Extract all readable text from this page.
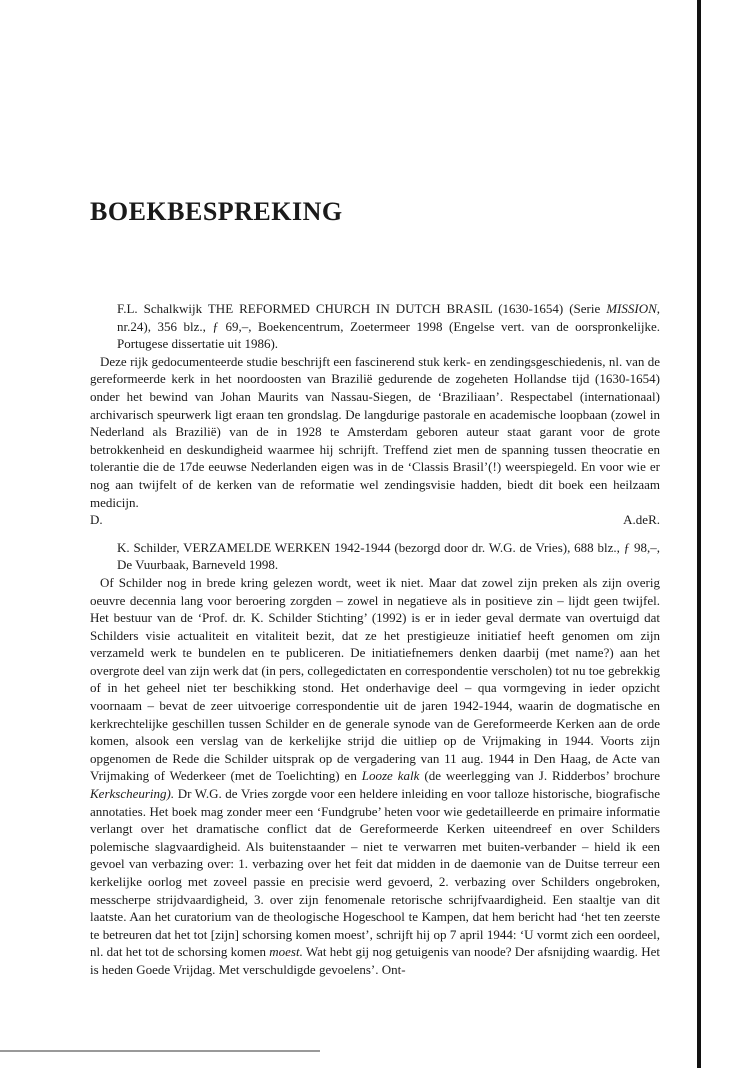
BOEKBESPREKING

F.L. Schalkwijk THE REFORMED CHURCH IN DUTCH BRASIL (1630-1654) (Serie MISSION, nr.24), 356 blz., ƒ 69,–, Boekencentrum, Zoetermeer 1998 (Engelse vert. van de oorspronkelijke. Portugese dissertatie uit 1986).

Deze rijk gedocumenteerde studie beschrijft een fascinerend stuk kerk- en zendingsgeschiedenis, nl. van de gereformeerde kerk in het noordoosten van Brazilië gedurende de zogeheten Hollandse tijd (1630-1654) onder het bewind van Johan Maurits van Nassau-Siegen, de ‘Braziliaan’. Respectabel (internationaal) archivarisch speurwerk ligt eraan ten grondslag. De langdurige pastorale en academische loopbaan (zowel in Nederland als Brazilië) van de in 1928 te Amsterdam geboren auteur staat garant voor de grote betrokkenheid en deskundigheid waarmee hij schrijft. Treffend ziet men de spanning tussen theocratie en tolerantie die de 17de eeuwse Nederlanden eigen was in de ‘Classis Brasil’(!) weerspiegeld. En voor wie er nog aan twijfelt of de kerken van de reformatie wel zendingsvisie hadden, biedt dit boek een heilzaam medicijn.

D.	A.deR.

K. Schilder, VERZAMELDE WERKEN 1942-1944 (bezorgd door dr. W.G. de Vries), 688 blz., ƒ 98,–, De Vuurbaak, Barneveld 1998.

Of Schilder nog in brede kring gelezen wordt, weet ik niet. Maar dat zowel zijn preken als zijn overig oeuvre decennia lang voor beroering zorgden – zowel in negatieve als in positieve zin – lijdt geen twijfel. Het bestuur van de ‘Prof. dr. K. Schilder Stichting’ (1992) is er in ieder geval dermate van overtuigd dat Schilders visie actualiteit en vitaliteit bezit, dat ze het prestigieuze initiatief heeft genomen om zijn verzameld werk te bundelen en te publiceren. De initiatiefnemers denken daarbij (met name?) aan het overgrote deel van zijn werk dat (in pers, collegedictaten en correspondentie verscholen) tot nu toe gebrekkig of in het geheel niet ter beschikking stond. Het onderhavige deel – qua vormgeving in ieder opzicht voornaam – bevat de zeer uitvoerige correspondentie uit de jaren 1942-1944, waarin de dogmatische en kerkrechtelijke geschillen tussen Schilder en de generale synode van de Gereformeerde Kerken aan de orde komen, alsook een verslag van de kerkelijke strijd die uitliep op de Vrijmaking in 1944. Voorts zijn opgenomen de Rede die Schilder uitsprak op de vergadering van 11 aug. 1944 in Den Haag, de Acte van Vrijmaking of Wederkeer (met de Toelichting) en Looze kalk (de weerlegging van J. Ridderbos’ brochure Kerkscheuring). Dr W.G. de Vries zorgde voor een heldere inleiding en voor talloze historische, biografische annotaties. Het boek mag zonder meer een ‘Fundgrube’ heten voor wie gedetailleerde en primaire informatie verlangt over het dramatische conflict dat de Gereformeerde Kerken uiteendreef en over Schilders polemische slagvaardigheid. Als buitenstaander – niet te verwarren met buiten-verbander – hield ik een gevoel van verbazing over: 1. verbazing over het feit dat midden in de daemonie van de Duitse terreur een kerkelijke oorlog met zoveel passie en precisie werd gevoerd, 2. verbazing over Schilders ongebroken, messcherpe strijdvaardigheid, 3. over zijn fenomenale retorische schrijfvaardigheid. Een staaltje van dit laatste. Aan het curatorium van de theologische Hogeschool te Kampen, dat hem bericht had ‘het ten zeerste te betreuren dat het tot [zijn] schorsing komen moest’, schrijft hij op 7 april 1944: ‘U vormt zich een oordeel, nl. dat het tot de schorsing komen moest. Wat hebt gij nog getuigenis van noode? Der afsnijding waardig. Het is heden Goede Vrijdag. Met verschuldigde gevoelens’. Ont-
